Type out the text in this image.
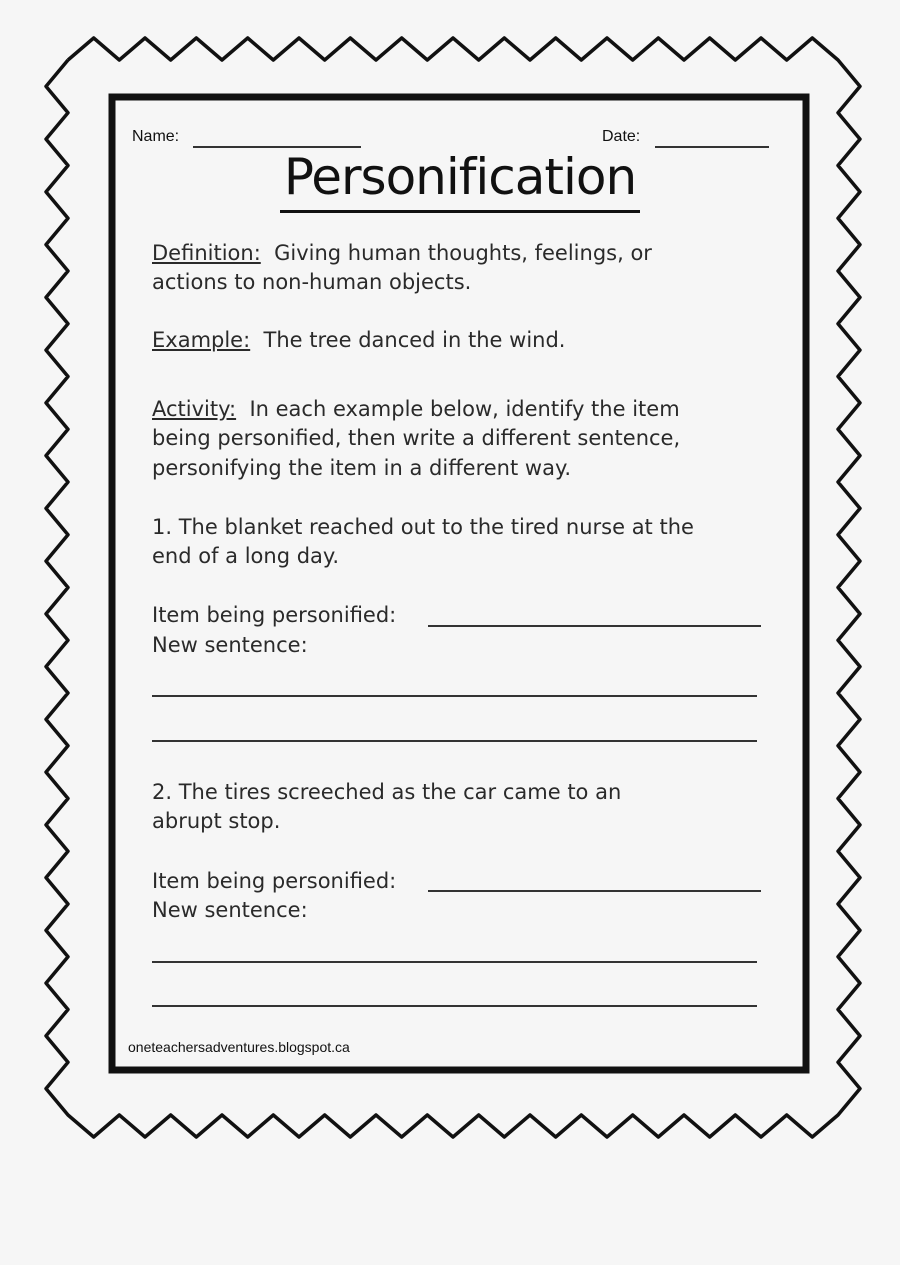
Name:	Date:
Personification
Definition: Giving human thoughts, feelings, or
actions to non-human objects.
Example: The tree danced in the wind.
Activity: In each example below, identify the item
being personified, then write a different sentence,
personifying the item in a different way.
1. The blanket reached out to the tired nurse at the
end of a long day.
Item being personified:
New sentence:
2. The tires screeched as the car came to an
abrupt stop.
Item being personified:
New sentence:
oneteachersadventures.blogspot.ca
